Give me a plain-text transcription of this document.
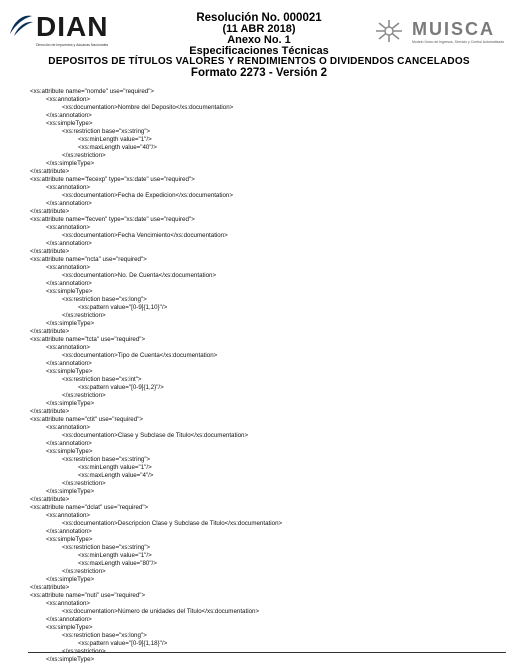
DIAN
Dirección de Impuestos y Aduanas Nacionales
Resolución No. 000021
(11 ABR 2018)
Anexo No. 1
Especificaciones Técnicas
DEPOSITOS DE TÍTULOS VALORES Y RENDIMIENTOS O DIVIDENDOS CANCELADOS
Formato 2273 - Versión 2
MUISCA
Modelo Único de Ingresos, Servicio y Control Automatizado
<xs:attribute name="nomde" use="required">
<xs:annotation>
<xs:documentation>Nombre del Deposito</xs:documentation>
</xs:annotation>
<xs:simpleType>
<xs:restriction base="xs:string">
<xs:minLength value="1"/>
<xs:maxLength value="40"/>
</xs:restriction>
</xs:simpleType>
</xs:attribute>
<xs:attribute name="fecexp" type="xs:date" use="required">
<xs:annotation>
<xs:documentation>Fecha de Expedicion</xs:documentation>
</xs:annotation>
</xs:attribute>
<xs:attribute name="fecven" type="xs:date" use="required">
<xs:annotation>
<xs:documentation>Fecha Vencimiento</xs:documentation>
</xs:annotation>
</xs:attribute>
<xs:attribute name="ncta" use="required">
<xs:annotation>
<xs:documentation>No. De Cuenta</xs:documentation>
</xs:annotation>
<xs:simpleType>
<xs:restriction base="xs:long">
<xs:pattern value="[0-9]{1,10}"/>
</xs:restriction>
</xs:simpleType>
</xs:attribute>
<xs:attribute name="tcta" use="required">
<xs:annotation>
<xs:documentation>Tipo de Cuenta</xs:documentation>
</xs:annotation>
<xs:simpleType>
<xs:restriction base="xs:int">
<xs:pattern value="[0-9]{1,2}"/>
</xs:restriction>
</xs:simpleType>
</xs:attribute>
<xs:attribute name="ctit" use="required">
<xs:annotation>
<xs:documentation>Clase y Subclase de Titulo</xs:documentation>
</xs:annotation>
<xs:simpleType>
<xs:restriction base="xs:string">
<xs:minLength value="1"/>
<xs:maxLength value="4"/>
</xs:restriction>
</xs:simpleType>
</xs:attribute>
<xs:attribute name="dclat" use="required">
<xs:annotation>
<xs:documentation>Descripcion Clase y Subclase de Titulo</xs:documentation>
</xs:annotation>
<xs:simpleType>
<xs:restriction base="xs:string">
<xs:minLength value="1"/>
<xs:maxLength value="80"/>
</xs:restriction>
</xs:simpleType>
</xs:attribute>
<xs:attribute name="nuti" use="required">
<xs:annotation>
<xs:documentation>Número de unidades del Titulo</xs:documentation>
</xs:annotation>
<xs:simpleType>
<xs:restriction base="xs:long">
<xs:pattern value="[0-9]{1,18}"/>
</xs:simpleType>
